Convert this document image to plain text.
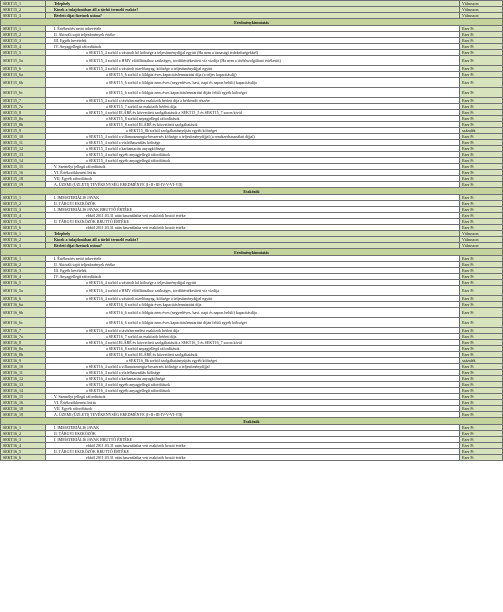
SEKT15_1	Telephely	Válasszon
SEKT15_2	Kinek a tulajdonában áll a távhő termelő eszköz?	Válasszon
SEKT15_3	Bérleti díjat fizetnek utána?	Válasszon
Eredménykimutatás		
SEKT15_1	I. Értékesítés nettó árbevétele	Ezer Ft
SEKT15_2	II. Aktivált saját teljesítmények értéke	Ezer Ft
SEKT15_3	III. Egyéb bevételek	Ezer Ft
SEKT15_4	IV. Anyagjellegű ráfordítások	Ezer Ft
SEKT15_5	a SEKT15_4 sorból a vásárolt hő költsége a teljesítménydíjjal együtt (Ha nem a társasági érdekeltségekkel)	Ezer Ft
SEKT15_5a	a SEKT15_4 sorból a HMV előállításához szükséges, továbbértékesített víz vízdíja (Ha nem a távhőszolgáltató értékesíti)	Ezer Ft
SEKT15_6	a SEKT15_4 sorból a vásárolt tüzelőanyag, költsége a teljesítménydíjjal együtt	Ezer Ft
SEKT15_6a	a SEKT15_6 sorból a földgáz éves kapacitásfenntartási díja (a teljes kapacitásdíj)	Ezer Ft
SEKT15_6b	a SEKT15_6 sorból a földgáz nem éves (negyedéves, havi, napi és napon belüli) kapacitásdíja	Ezer Ft
SEKT15_6c	a SEKT15_6 sorból a földgáz nem éves kapacitásfenntartási díján felüli egyéb költségei	Ezer Ft
SEKT15_7	a SEKT15_4 sorból a távhőtermelési eszközök bérleti díja a bérbeadó részére	Ezer Ft
SEKT15_7a	a SEKT15_7 sorból az eszközök bérleti díja	Ezer Ft
SEKT15_8	a SEKT15_4 sorból ELÁBÉ és közvetített szolgáltatások a SEKT15_5 és SEKT15_7 soron kívül	Ezer Ft
SEKT15_8a	a SEKT15_8 sorból anyagjellegű ráfordítások	Ezer Ft
SEKT15_8b	a SEKT15_8 sorból ELÁBÉ és közvetített szolgáltatások	Ezer Ft
SEKT15_9	a SEKT15_8b sorból szolgáltatásnyújtás egyéb költségei	százalék
SEKT15_10	a SEKT15_4 sorból a villamosenergia-beszerzés költsége a teljesítménydíjjal (a rendszerhasználati díjjal)	Ezer Ft
SEKT15_11	a SEKT15_4 sorból a vízfelhasználás költsége	Ezer Ft
SEKT15_12	a SEKT15_4 sorból a karbantartás anyagköltsége	Ezer Ft
SEKT15_13	a SEKT15_4 sorból egyéb anyagjellegű ráfordítások	Ezer Ft
SEKT15_14	a SEKT15_4 sorból egyéb anyagjellegű ráfordítások	Ezer Ft
SEKT15_15	V. Személyi jellegű ráfordítások	Ezer Ft
SEKT15_16	VI. Értékcsökkenési leírás	Ezer Ft
SEKT15_18	VII. Egyéb ráfordítások	Ezer Ft
SEKT15_19	A. ÜZEMI (ÜZLETI) TEVÉKENYSÉG EREDMÉNYE (I+II+III-IV-V-VI-VII)	Ezer Ft
Eszközök		
SEKT15_1	I. IMMATERIÁLIS JAVAK	Ezer Ft
SEKT15_2	II. TÁRGYI ESZKÖZÖK	Ezer Ft
SEKT15_3	I. IMMATERIÁLIS JAVAK BRUTTÓ ÉRTÉKE	Ezer Ft
SEKT15_4	ebből 2011.03.31 után használatba vett eszközök bruttó értéke	Ezer Ft
SEKT15_5	II. TÁRGYI ESZKÖZÖK BRUTTÓ ÉRTÉKE	Ezer Ft
SEKT15_6	ebből 2011.03.31 után használatba vett eszközök bruttó értéke	Ezer Ft
SEKT16_1	Telephely	Válasszon
SEKT16_2	Kinek a tulajdonában áll a távhő termelő eszköz?	Válasszon
SEKT16_3	Bérleti díjat fizetnek utána?	Válasszon
Eredménykimutatás		
SEKT16_1	I. Értékesítés nettó árbevétele	Ezer Ft
SEKT16_2	II. Aktivált saját teljesítmények értéke	Ezer Ft
SEKT16_3	III. Egyéb bevételek	Ezer Ft
SEKT16_4	IV. Anyagjellegű ráfordítások	Ezer Ft
SEKT16_5	a SEKT16_4 sorból a vásárolt hő költsége a teljesítménydíjjal együtt	Ezer Ft
SEKT16_5a	a SEKT16_4 sorból a HMV előállításához szükséges, továbbértékesített víz vízdíja	Ezer Ft
SEKT16_6	a SEKT16_4 sorból a vásárolt tüzelőanyag, költsége a teljesítménydíjjal együtt	Ezer Ft
SEKT16_6a	a SEKT16_6 sorból a földgáz éves kapacitásfenntartási díja	Ezer Ft
SEKT16_6b	a SEKT16_6 sorból a földgáz nem éves (negyedéves, havi, napi és napon belüli) kapacitásdíja	Ezer Ft
SEKT16_6c	a SEKT16_6 sorból a földgáz nem éves kapacitásfenntartási díján felüli egyéb költségei	Ezer Ft
SEKT16_7	a SEKT16_4 sorból a távhőtermelési eszközök bérleti díja	Ezer Ft
SEKT16_7a	a SEKT16_7 sorból az eszközök bérleti díja	Ezer Ft
SEKT16_8	a SEKT16_4 sorból ELÁBÉ és közvetített szolgáltatások a SEKT16_5 és SEKT16_7 soron kívül	Ezer Ft
SEKT16_8a	a SEKT16_8 sorból anyagjellegű ráfordítások	Ezer Ft
SEKT16_8b	a SEKT16_8 sorból ELÁBÉ és közvetített szolgáltatások	Ezer Ft
SEKT16_9	a SEKT16_8b sorból szolgáltatásnyújtás egyéb költségei	százalék
SEKT16_10	a SEKT16_4 sorból a villamosenergia-beszerzés költsége a teljesítménydíjjal	Ezer Ft
SEKT16_11	a SEKT16_4 sorból a vízfelhasználás költsége	Ezer Ft
SEKT16_12	a SEKT16_4 sorból a karbantartás anyagköltsége	Ezer Ft
SEKT16_13	a SEKT16_4 sorból egyéb anyagjellegű ráfordítások	Ezer Ft
SEKT16_14	a SEKT16_4 sorból egyéb anyagjellegű ráfordítások	Ezer Ft
SEKT16_15	V. Személyi jellegű ráfordítások	Ezer Ft
SEKT16_16	VI. Értékcsökkenési leírás	Ezer Ft
SEKT16_18	VII. Egyéb ráfordítások	Ezer Ft
SEKT16_19	A. ÜZEMI (ÜZLETI) TEVÉKENYSÉG EREDMÉNYE (I+II+III-IV-V-VI-VII)	Ezer Ft
Eszközök		
SEKT16_1	I. IMMATERIÁLIS JAVAK	Ezer Ft
SEKT16_2	II. TÁRGYI ESZKÖZÖK	Ezer Ft
SEKT16_3	I. IMMATERIÁLIS JAVAK BRUTTÓ ÉRTÉKE	Ezer Ft
SEKT16_4	ebből 2011.03.31 után használatba vett eszközök bruttó értéke	Ezer Ft
SEKT16_5	II. TÁRGYI ESZKÖZÖK BRUTTÓ ÉRTÉKE	Ezer Ft
SEKT16_6	ebből 2011.03.31 után használatba vett eszközök bruttó értéke	Ezer Ft
